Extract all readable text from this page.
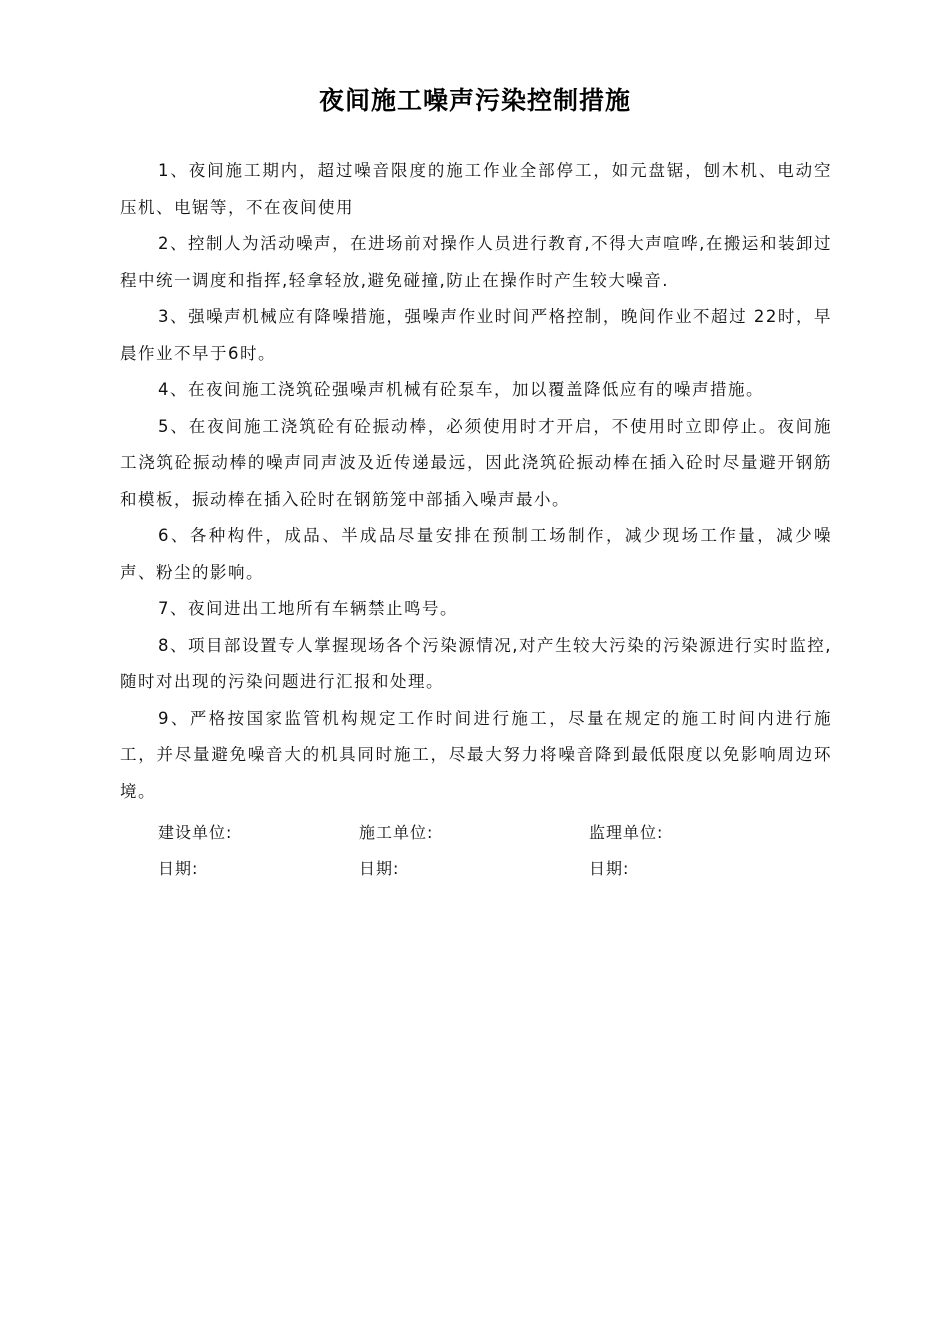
夜间施工噪声污染控制措施

1、夜间施工期内，超过噪音限度的施工作业全部停工，如元盘锯，刨木机、电动空压机、电锯等，不在夜间使用

2、控制人为活动噪声，在进场前对操作人员进行教育,不得大声喧哗,在搬运和装卸过程中统一调度和指挥,轻拿轻放,避免碰撞,防止在操作时产生较大噪音.

3、强噪声机械应有降噪措施，强噪声作业时间严格控制，晚间作业不超过 22时，早晨作业不早于6时。

4、在夜间施工浇筑砼强噪声机械有砼泵车，加以覆盖降低应有的噪声措施。

5、在夜间施工浇筑砼有砼振动棒，必须使用时才开启，不使用时立即停止。夜间施工浇筑砼振动棒的噪声同声波及近传递最远，因此浇筑砼振动棒在插入砼时尽量避开钢筋和模板，振动棒在插入砼时在钢筋笼中部插入噪声最小。

6、各种构件，成品、半成品尽量安排在预制工场制作，减少现场工作量，减少噪声、粉尘的影响。

7、夜间进出工地所有车辆禁止鸣号。

8、项目部设置专人掌握现场各个污染源情况,对产生较大污染的污染源进行实时监控,随时对出现的污染问题进行汇报和处理。

9、严格按国家监管机构规定工作时间进行施工，尽量在规定的施工时间内进行施工，并尽量避免噪音大的机具同时施工，尽最大努力将噪音降到最低限度以免影响周边环境。

建设单位:	施工单位:	监理单位:
日期:	日期:	日期:
